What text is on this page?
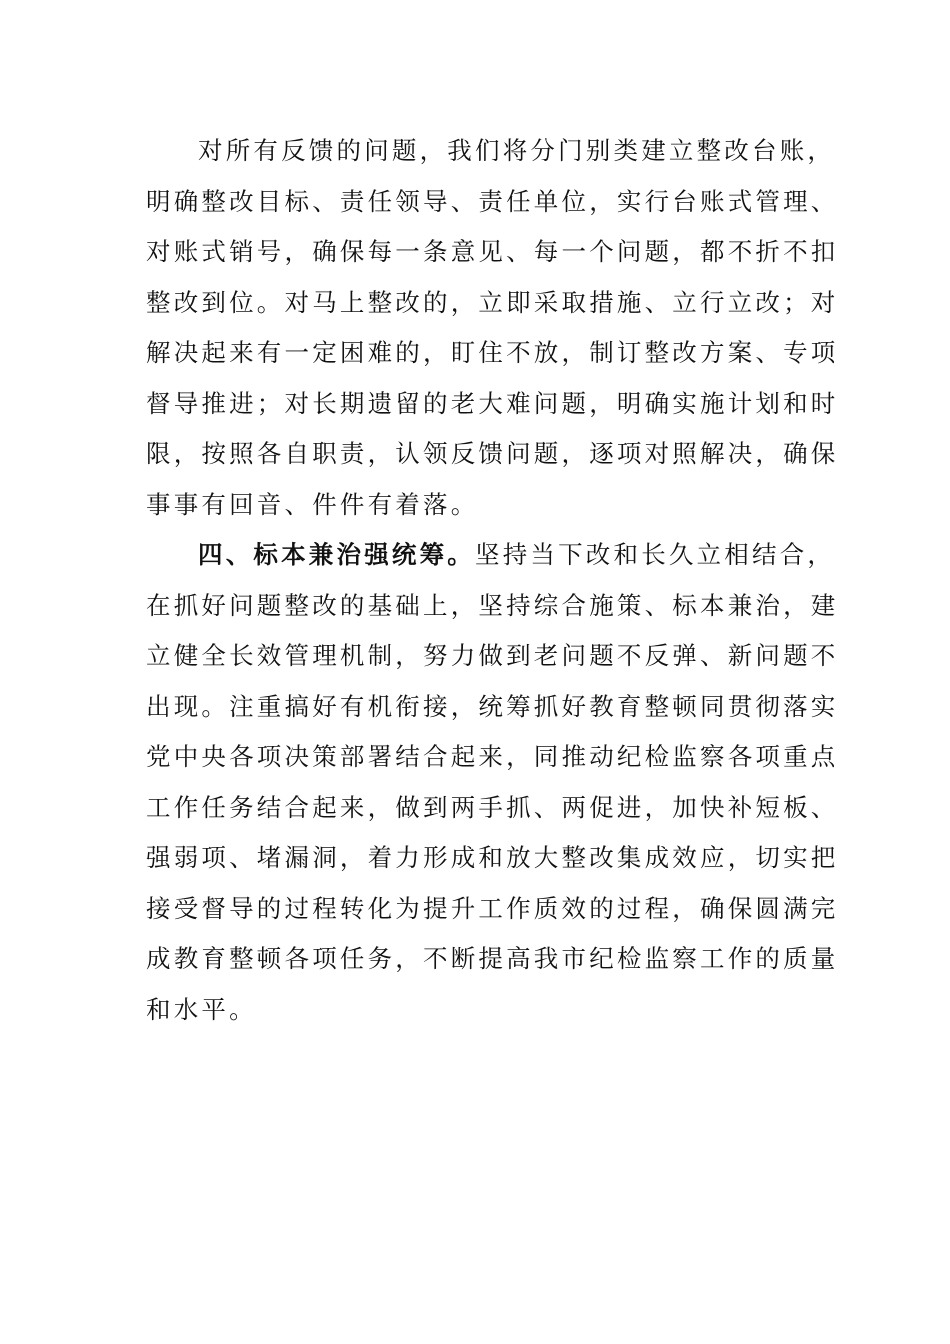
对所有反馈的问题，我们将分门别类建立整改台账，
明确整改目标、责任领导、责任单位，实行台账式管理、
对账式销号，确保每一条意见、每一个问题，都不折不扣
整改到位。对马上整改的，立即采取措施、立行立改；对
解决起来有一定困难的，盯住不放，制订整改方案、专项
督导推进；对长期遗留的老大难问题，明确实施计划和时
限，按照各自职责，认领反馈问题，逐项对照解决，确保
事事有回音、件件有着落。
四、标本兼治强统筹。坚持当下改和长久立相结合，
在抓好问题整改的基础上，坚持综合施策、标本兼治，建
立健全长效管理机制，努力做到老问题不反弹、新问题不
出现。注重搞好有机衔接，统筹抓好教育整顿同贯彻落实
党中央各项决策部署结合起来，同推动纪检监察各项重点
工作任务结合起来，做到两手抓、两促进，加快补短板、
强弱项、堵漏洞，着力形成和放大整改集成效应，切实把
接受督导的过程转化为提升工作质效的过程，确保圆满完
成教育整顿各项任务，不断提高我市纪检监察工作的质量
和水平。
